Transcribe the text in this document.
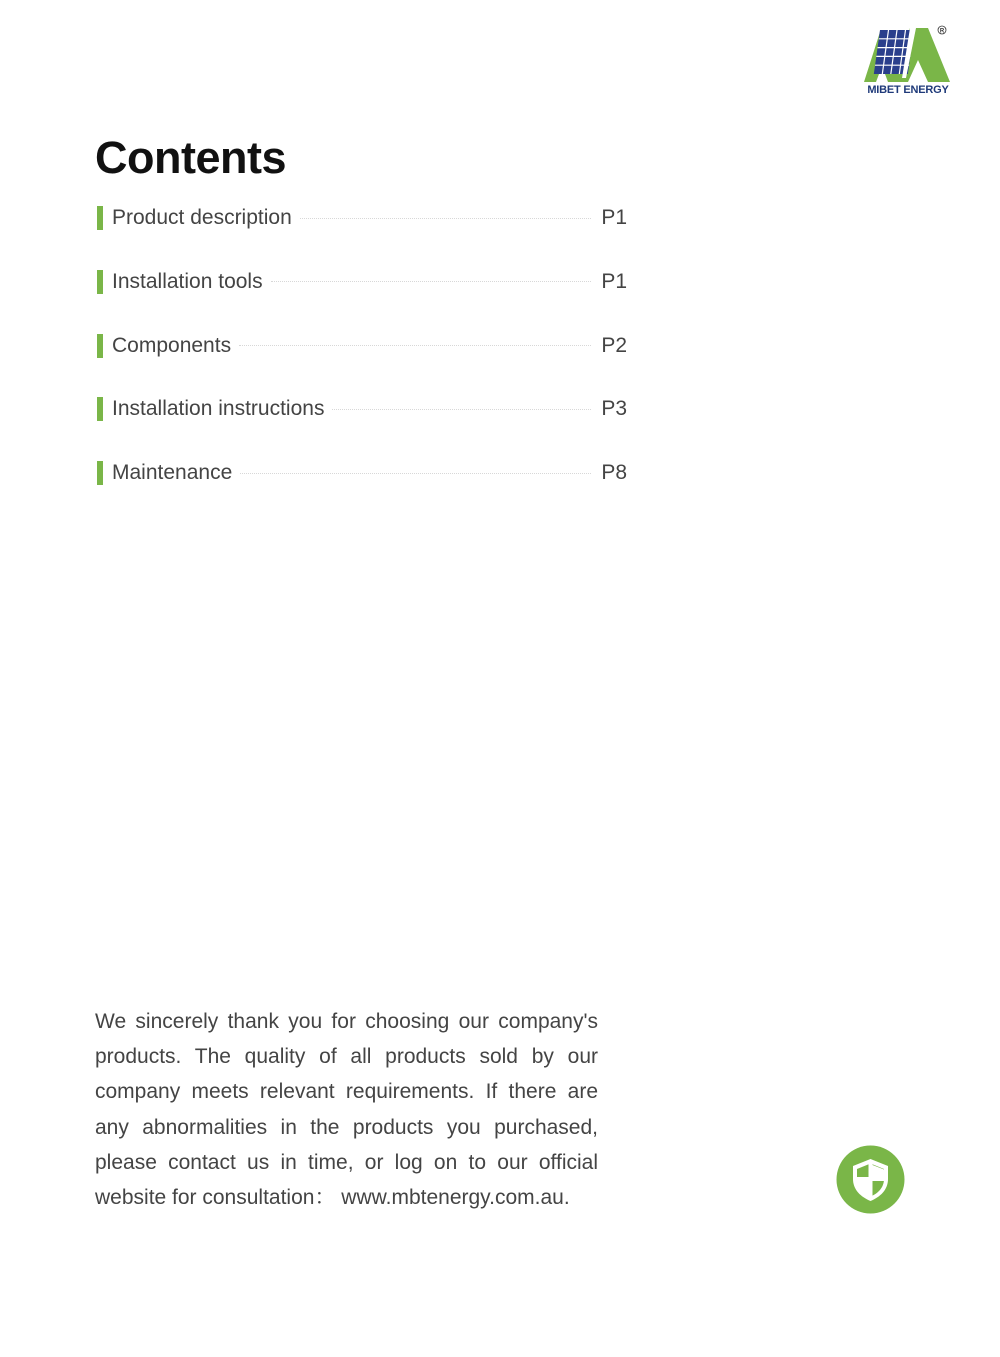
R
MIBET ENERGY
Contents
Product description	P1
Installation tools	P1
Components	P2
Installation instructions	P3
Maintenance	P8

We sincerely thank you for choosing our company's products. The quality of all products sold by our company meets relevant requirements. If there are any abnormalities in the products you purchased, please contact us in time, or log on to our official website for consultation： www.mbtenergy.com.au.
